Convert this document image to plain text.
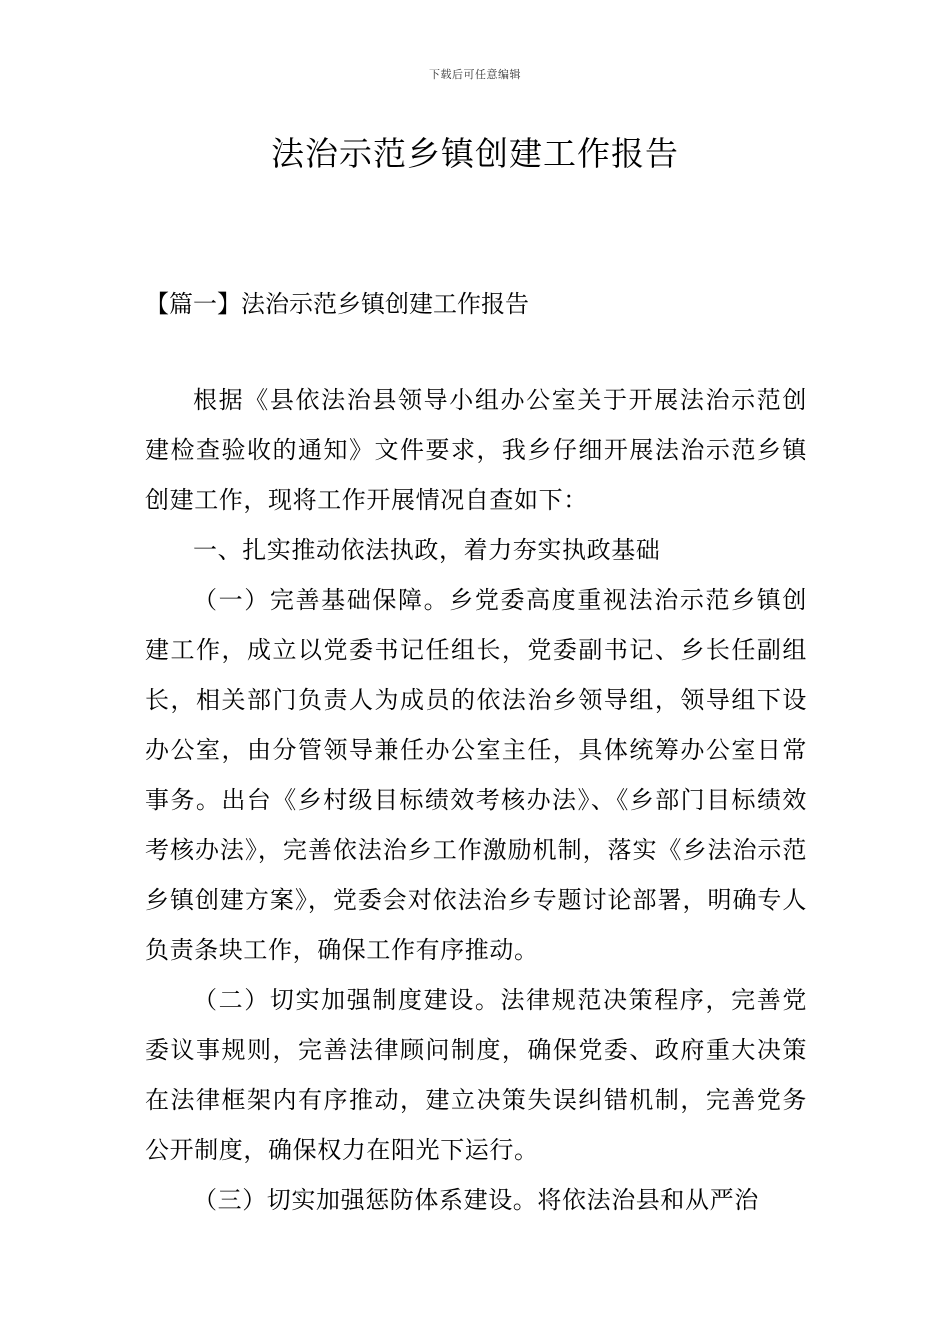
下载后可任意编辑
法治示范乡镇创建工作报告
【篇一】法治示范乡镇创建工作报告

根据《县依法治县领导小组办公室关于开展法治示范创建检查验收的通知》文件要求，我乡仔细开展法治示范乡镇创建工作，现将工作开展情况自查如下：

一、扎实推动依法执政，着力夯实执政基础

（一）完善基础保障。乡党委高度重视法治示范乡镇创建工作，成立以党委书记任组长，党委副书记、乡长任副组长，相关部门负责人为成员的依法治乡领导组，领导组下设办公室，由分管领导兼任办公室主任，具体统筹办公室日常事务。出台《乡村级目标绩效考核办法》、《乡部门目标绩效考核办法》，完善依法治乡工作激励机制，落实《乡法治示范乡镇创建方案》，党委会对依法治乡专题讨论部署，明确专人负责条块工作，确保工作有序推动。

（二）切实加强制度建设。法律规范决策程序，完善党委议事规则，完善法律顾问制度，确保党委、政府重大决策在法律框架内有序推动，建立决策失误纠错机制，完善党务公开制度，确保权力在阳光下运行。

（三）切实加强惩防体系建设。将依法治县和从严治
